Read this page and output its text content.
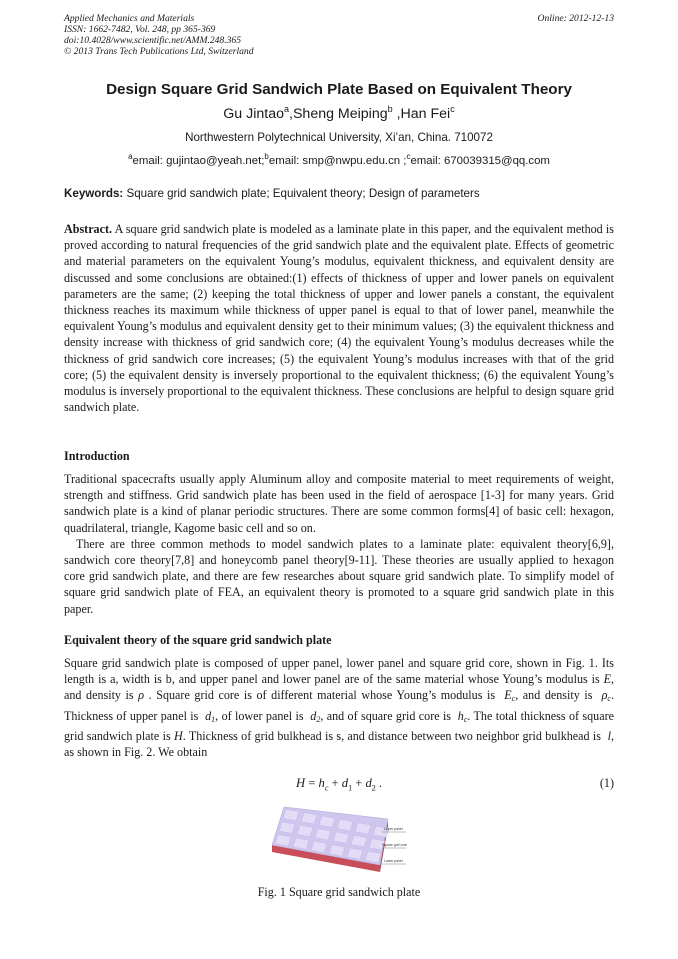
Applied Mechanics and Materials
ISSN: 1662-7482, Vol. 248, pp 365-369
doi:10.4028/www.scientific.net/AMM.248.365
© 2013 Trans Tech Publications Ltd, Switzerland
Online: 2012-12-13
Design Square Grid Sandwich Plate Based on Equivalent Theory
Gu Jintao$^a$,Sheng Meiping$^b$ ,Han Fei$^c$
Northwestern Polytechnical University, Xi’an, China. 710072
$^a$email: gujintao@yeah.net;$^b$email: smp@nwpu.edu.cn ;$^c$email: 670039315@qq.com
Keywords: Square grid sandwich plate; Equivalent theory; Design of parameters

Abstract. A square grid sandwich plate is modeled as a laminate plate in this paper, and the equivalent method is proved according to natural frequencies of the grid sandwich plate and the equivalent plate. Effects of geometric and material parameters on the equivalent Young’s modulus, equivalent thickness, and equivalent density are discussed and some conclusions are obtained:(1) effects of thickness of upper and lower panels on equivalent parameters are the same; (2) keeping the total thickness of upper and lower panels a constant, the equivalent thickness reaches its maximum while thickness of upper panel is equal to that of lower panel, meanwhile the equivalent Young’s modulus and equivalent density get to their minimum values; (3) the equivalent thickness and density increase with thickness of grid sandwich core; (4) the equivalent Young’s modulus decreases while the thickness of grid sandwich core increases; (5) the equivalent Young’s modulus increases with that of the grid core; (5) the equivalent density is inversely proportional to the equivalent thickness; (6) the equivalent Young’s modulus is inversely proportional to the equivalent thickness. These conclusions are helpful to design square grid sandwich plate.

Introduction

Traditional spacecrafts usually apply Aluminum alloy and composite material to meet requirements of weight, strength and stiffness. Grid sandwich plate has been used in the field of aerospace [1-3] for many years. Grid sandwich plate is a kind of planar periodic structures. There are some common forms[4] of basic cell: hexagon, quadrilateral, triangle, Kagome basic cell and so on.

There are three common methods to model sandwich plates to a laminate plate: equivalent theory[6,9], sandwich core theory[7,8] and honeycomb panel theory[9-11]. These theories are usually applied to hexagon core grid sandwich plate, and there are few researches about square grid sandwich plate. To simplify model of square grid sandwich plate of FEA, an equivalent theory is promoted to a square grid sandwich plate in this paper.

Equivalent theory of the square grid sandwich plate

Square grid sandwich plate is composed of upper panel, lower panel and square grid core, shown in Fig. 1. Its length is a, width is b, and upper panel and lower panel are of the same material whose Young’s modulus is E, and density is ρ . Square grid core is of different material whose Young’s modulus is  $E_c$, and density is  $\rho_c$. Thickness of upper panel is  $d_1$, of lower panel is  $d_2$, and of square grid core is  $h_c$. The total thickness of square grid sandwich plate is H. Thickness of grid bulkhead is s, and distance between two neighbor grid bulkhead is  l, as shown in Fig. 2. We obtain

$H = h_c + d_1 + d_2$ .	(1)
Upper panel
Square grid core
Lower panel
Fig. 1 Square grid sandwich plate
